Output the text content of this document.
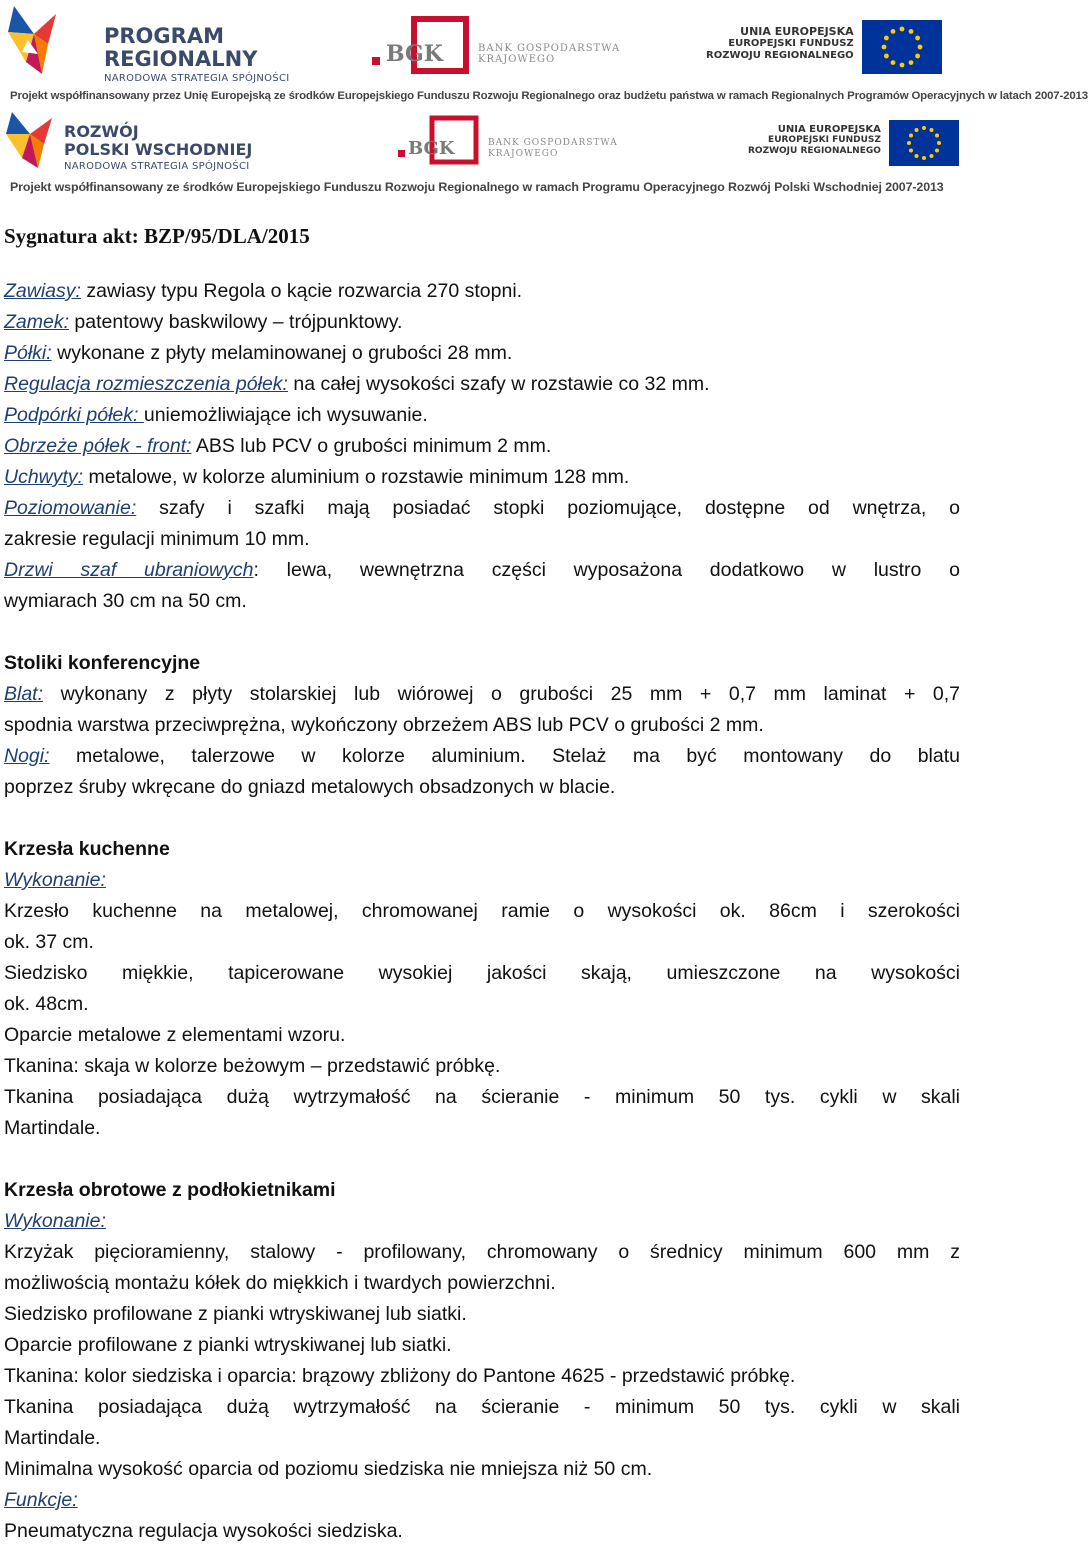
PROGRAM
REGIONALNY
NARODOWA STRATEGIA SPÓJNOŚCI
BGK	BANK GOSPODARSTWA
KRAJOWEGO
UNIA EUROPEJSKA
EUROPEJSKI FUNDUSZ
ROZWOJU REGIONALNEGO
Projekt współfinansowany przez Unię Europejską ze środków Europejskiego Funduszu Rozwoju Regionalnego oraz budżetu państwa w ramach Regionalnych Programów Operacyjnych w latach 2007-2013
ROZWÓJ
POLSKI WSCHODNIEJ
NARODOWA STRATEGIA SPÓJNOŚCI
BGK	BANK GOSPODARSTWA
KRAJOWEGO
UNIA EUROPEJSKA
EUROPEJSKI FUNDUSZ
ROZWOJU REGIONALNEGO
Projekt współfinansowany ze środków Europejskiego Funduszu Rozwoju Regionalnego w ramach Programu Operacyjnego Rozwój Polski Wschodniej 2007-2013
Sygnatura akt: BZP/95/DLA/2015
Zawiasy: zawiasy typu Regola o kącie rozwarcia 270 stopni.
Zamek: patentowy baskwilowy – trójpunktowy.
Półki: wykonane z płyty melaminowanej o grubości 28 mm.
Regulacja rozmieszczenia półek: na całej wysokości szafy w rozstawie co 32 mm.
Podpórki półek: uniemożliwiające ich wysuwanie.
Obrzeże półek - front: ABS lub PCV o grubości minimum 2 mm.
Uchwyty: metalowe, w kolorze aluminium o rozstawie minimum 128 mm.
Poziomowanie: szafy i szafki mają posiadać stopki poziomujące, dostępne od wnętrza, o
zakresie regulacji minimum 10 mm.
Drzwi szaf ubraniowych: lewa, wewnętrzna części wyposażona dodatkowo w lustro o
wymiarach 30 cm na 50 cm.
Stoliki konferencyjne
Blat: wykonany z płyty stolarskiej lub wiórowej o grubości 25 mm + 0,7 mm laminat + 0,7
spodnia warstwa przeciwprężna, wykończony obrzeżem ABS lub PCV o grubości 2 mm.
Nogi: metalowe, talerzowe w kolorze aluminium. Stelaż ma być montowany do blatu
poprzez śruby wkręcane do gniazd metalowych obsadzonych w blacie.
Krzesła kuchenne
Wykonanie:
Krzesło kuchenne na metalowej, chromowanej ramie o wysokości ok. 86cm i szerokości
ok. 37 cm.
Siedzisko miękkie, tapicerowane wysokiej jakości skają, umieszczone na wysokości
ok. 48cm.
Oparcie metalowe z elementami wzoru.
Tkanina: skaja w kolorze beżowym – przedstawić próbkę.
Tkanina posiadająca dużą wytrzymałość na ścieranie - minimum 50 tys. cykli w skali
Martindale.
Krzesła obrotowe z podłokietnikami
Wykonanie:
Krzyżak pięcioramienny, stalowy - profilowany, chromowany o średnicy minimum 600 mm z
możliwością montażu kółek do miękkich i twardych powierzchni.
Siedzisko profilowane z pianki wtryskiwanej lub siatki.
Oparcie profilowane z pianki wtryskiwanej lub siatki.
Tkanina: kolor siedziska i oparcia: brązowy zbliżony do Pantone 4625 - przedstawić próbkę.
Tkanina posiadająca dużą wytrzymałość na ścieranie - minimum 50 tys. cykli w skali
Martindale.
Minimalna wysokość oparcia od poziomu siedziska nie mniejsza niż 50 cm.
Funkcje:
Pneumatyczna regulacja wysokości siedziska.
